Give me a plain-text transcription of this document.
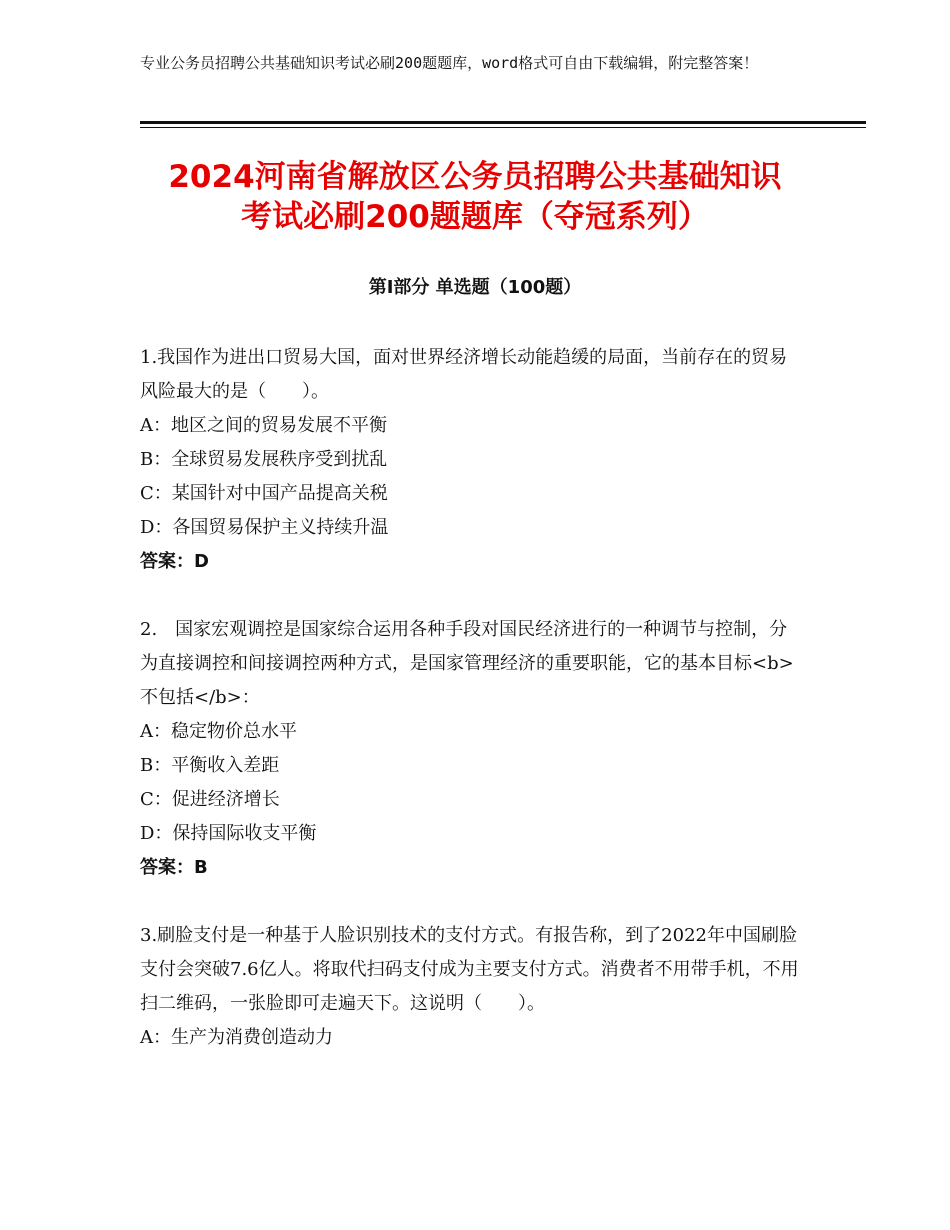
专业公务员招聘公共基础知识考试必刷200题题库，word格式可自由下载编辑，附完整答案！
2024河南省解放区公务员招聘公共基础知识
考试必刷200题题库（夺冠系列）
第Ⅰ部分 单选题（100题）

1.我国作为进出口贸易大国，面对世界经济增长动能趋缓的局面，当前存在的贸易风险最大的是（　　）。

A：地区之间的贸易发展不平衡

B：全球贸易发展秩序受到扰乱

C：某国针对中国产品提高关税

D：各国贸易保护主义持续升温

答案：D

2.　国家宏观调控是国家综合运用各种手段对国民经济进行的一种调节与控制，分为直接调控和间接调控两种方式，是国家管理经济的重要职能，它的基本目标<b>不包括</b>：

A：稳定物价总水平

B：平衡收入差距

C：促进经济增长

D：保持国际收支平衡

答案：B

3.刷脸支付是一种基于人脸识别技术的支付方式。有报告称，到了2022年中国刷脸支付会突破7.6亿人。将取代扫码支付成为主要支付方式。消费者不用带手机，不用扫二维码，一张脸即可走遍天下。这说明（　　）。

A：生产为消费创造动力
